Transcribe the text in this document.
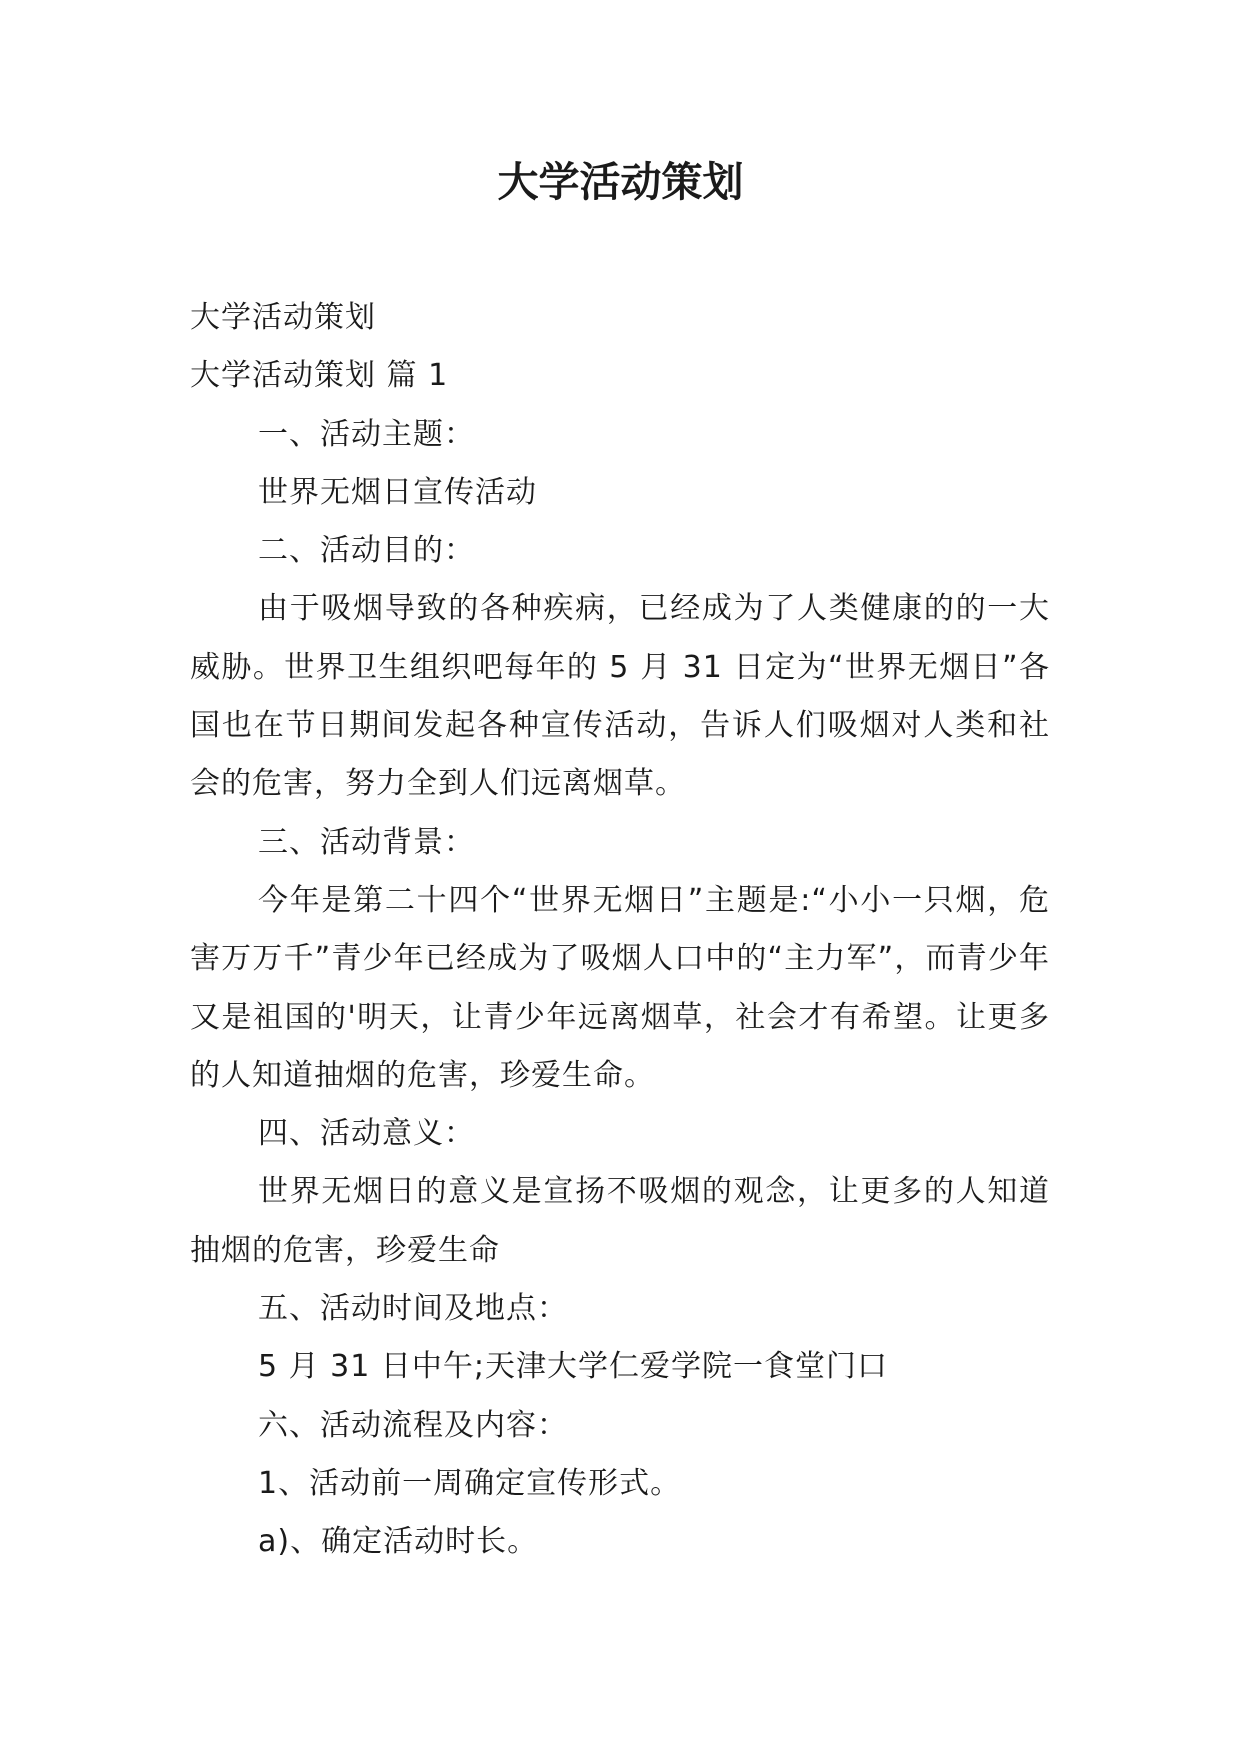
大学活动策划

大学活动策划

大学活动策划 篇 1

一、活动主题：

世界无烟日宣传活动

二、活动目的：

由于吸烟导致的各种疾病，已经成为了人类健康的的一大威胁。世界卫生组织吧每年的 5 月 31 日定为“世界无烟日”各国也在节日期间发起各种宣传活动，告诉人们吸烟对人类和社会的危害，努力全到人们远离烟草。

三、活动背景：

今年是第二十四个“世界无烟日”主题是:“小小一只烟，危害万万千”青少年已经成为了吸烟人口中的“主力军”，而青少年又是祖国的'明天，让青少年远离烟草，社会才有希望。让更多的人知道抽烟的危害，珍爱生命。

四、活动意义：

世界无烟日的意义是宣扬不吸烟的观念，让更多的人知道抽烟的危害，珍爱生命

五、活动时间及地点：

5 月 31 日中午;天津大学仁爱学院一食堂门口

六、活动流程及内容：

1、活动前一周确定宣传形式。

a)、确定活动时长。
